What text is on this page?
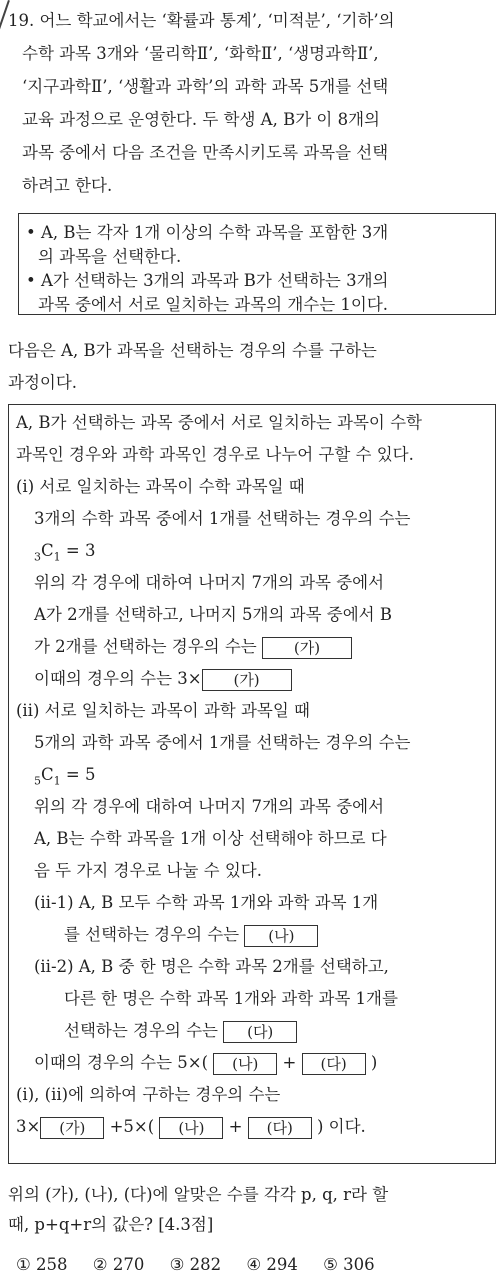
19. 어느 학교에서는 ‘확률과 통계’, ‘미적분’, ‘기하’의
수학 과목 3개와 ‘물리학Ⅱ’, ‘화학Ⅱ’, ‘생명과학Ⅱ’,
‘지구과학Ⅱ’, ‘생활과 과학’의 과학 과목 5개를 선택
교육 과정으로 운영한다. 두 학생 A, B가 이 8개의
과목 중에서 다음 조건을 만족시키도록 과목을 선택
하려고 한다.
• A, B는 각자 1개 이상의 수학 과목을 포함한 3개
의 과목을 선택한다.
• A가 선택하는 3개의 과목과 B가 선택하는 3개의
과목 중에서 서로 일치하는 과목의 개수는 1이다.
다음은 A, B가 과목을 선택하는 경우의 수를 구하는
과정이다.
A, B가 선택하는 과목 중에서 서로 일치하는 과목이 수학
과목인 경우와 과학 과목인 경우로 나누어 구할 수 있다.
(ⅰ) 서로 일치하는 과목이 수학 과목일 때
3개의 수학 과목 중에서 1개를 선택하는 경우의 수는
$_3C_1 = 3$
위의 각 경우에 대하여 나머지 7개의 과목 중에서
A가 2개를 선택하고, 나머지 5개의 과목 중에서 B
가 2개를 선택하는 경우의 수는 (가)
이때의 경우의 수는 3× (가)
(ⅱ) 서로 일치하는 과목이 과학 과목일 때
5개의 과학 과목 중에서 1개를 선택하는 경우의 수는
$_5C_1 = 5$
위의 각 경우에 대하여 나머지 7개의 과목 중에서
A, B는 수학 과목을 1개 이상 선택해야 하므로 다
음 두 가지 경우로 나눌 수 있다.
(ⅱ-1) A, B 모두 수학 과목 1개와 과학 과목 1개
를 선택하는 경우의 수는 (나)
(ⅱ-2) A, B 중 한 명은 수학 과목 2개를 선택하고,
다른 한 명은 수학 과목 1개와 과학 과목 1개를
선택하는 경우의 수는 (다)
이때의 경우의 수는 5×( (나) + (다) )
(ⅰ), (ⅱ)에 의하여 구하는 경우의 수는
3× (가) +5×( (나) + (다) ) 이다.
위의 (가), (나), (다)에 알맞은 수를 각각 p, q, r라 할
때, p+q+r의 값은? [4.3점]
① 258 ② 270 ③ 282 ④ 294 ⑤ 306
